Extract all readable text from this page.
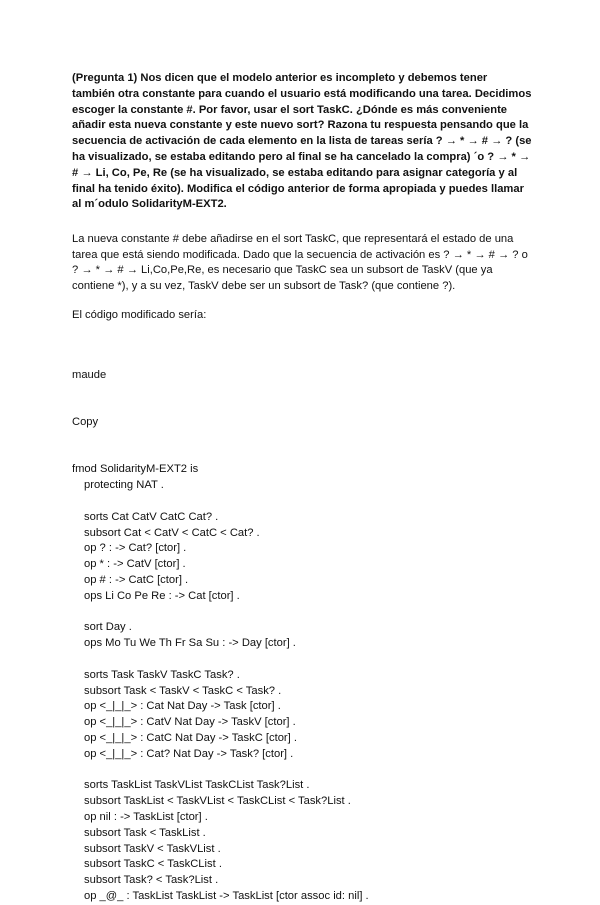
(Pregunta 1) Nos dicen que el modelo anterior es incompleto y debemos tener también otra constante para cuando el usuario está modificando una tarea. Decidimos escoger la constante #. Por favor, usar el sort TaskC. ¿Dónde es más conveniente añadir esta nueva constante y este nuevo sort? Razona tu respuesta pensando que la secuencia de activación de cada elemento en la lista de tareas sería ? → * → # → ? (se ha visualizado, se estaba editando pero al final se ha cancelado la compra) ´o ? → * → # → Li, Co, Pe, Re (se ha visualizado, se estaba editando para asignar categoría y al final ha tenido éxito). Modifica el código anterior de forma apropiada y puedes llamar al m´odulo SolidarityM-EXT2.

La nueva constante # debe añadirse en el sort TaskC, que representará el estado de una tarea que está siendo modificada. Dado que la secuencia de activación es ? → * → # → ? o ? → * → # → Li,Co,Pe,Re, es necesario que TaskC sea un subsort de TaskV (que ya contiene *), y a su vez, TaskV debe ser un subsort de Task? (que contiene ?).

El código modificado sería:

maude

Copy

fmod SolidarityM-EXT2 is
protecting NAT .
sorts Cat CatV CatC Cat? .
subsort Cat < CatV < CatC < Cat? .
op ? : -> Cat? [ctor] .
op * : -> CatV [ctor] .
op # : -> CatC [ctor] .
ops Li Co Pe Re : -> Cat [ctor] .
sort Day .
ops Mo Tu We Th Fr Sa Su : -> Day [ctor] .
sorts Task TaskV TaskC Task? .
subsort Task < TaskV < TaskC < Task? .
op <_|_|_> : Cat Nat Day -> Task [ctor] .
op <_|_|_> : CatV Nat Day -> TaskV [ctor] .
op <_|_|_> : CatC Nat Day -> TaskC [ctor] .
op <_|_|_> : Cat? Nat Day -> Task? [ctor] .
sorts TaskList TaskVList TaskCList Task?List .
subsort TaskList < TaskVList < TaskCList < Task?List .
op nil : -> TaskList [ctor] .
subsort Task < TaskList .
subsort TaskV < TaskVList .
subsort TaskC < TaskCList .
subsort Task? < Task?List .
op _@_ : TaskList TaskList -> TaskList [ctor assoc id: nil] .
